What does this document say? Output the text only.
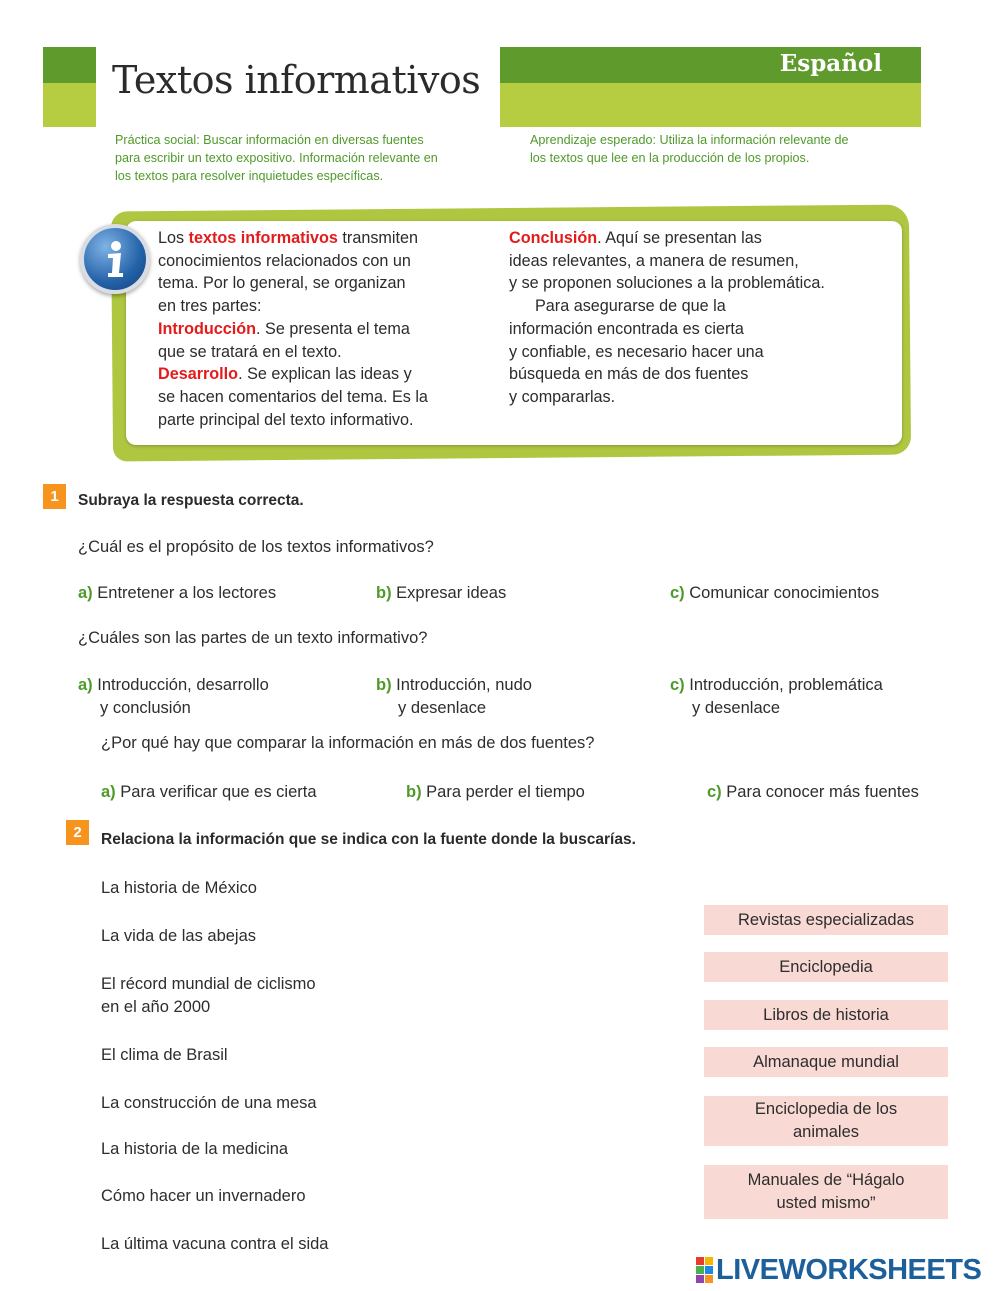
Textos informativos	Español
Práctica social: Buscar información en diversas fuentes
para escribir un texto expositivo. Información relevante en
los textos para resolver inquietudes específicas.
Aprendizaje esperado: Utiliza la información relevante de
los textos que lee en la producción de los propios.
Los textos informativos transmiten
conocimientos relacionados con un
tema. Por lo general, se organizan
en tres partes:
Introducción. Se presenta el tema
que se tratará en el texto.
Desarrollo. Se explican las ideas y
se hacen comentarios del tema. Es la
parte principal del texto informativo.
Conclusión. Aquí se presentan las
ideas relevantes, a manera de resumen,
y se proponen soluciones a la problemática.
Para asegurarse de que la
información encontrada es cierta
y confiable, es necesario hacer una
búsqueda en más de dos fuentes
y compararlas.
1	Subraya la respuesta correcta.
¿Cuál es el propósito de los textos informativos?
a) Entretener a los lectores	b) Expresar ideas	c) Comunicar conocimientos
¿Cuáles son las partes de un texto informativo?
a) Introducción, desarrollo
y conclusión
b) Introducción, nudo
y desenlace
c) Introducción, problemática
y desenlace
¿Por qué hay que comparar la información en más de dos fuentes?
a) Para verificar que es cierta	b) Para perder el tiempo	c) Para conocer más fuentes
2	Relaciona la información que se indica con la fuente donde la buscarías.
La historia de México
La vida de las abejas
El récord mundial de ciclismo
en el año 2000
El clima de Brasil
La construcción de una mesa
La historia de la medicina
Cómo hacer un invernadero
La última vacuna contra el sida
Revistas especializadas
Enciclopedia
Libros de historia
Almanaque mundial
Enciclopedia de los
animales
Manuales de “Hágalo
usted mismo”
LIVEWORKSHEETS
